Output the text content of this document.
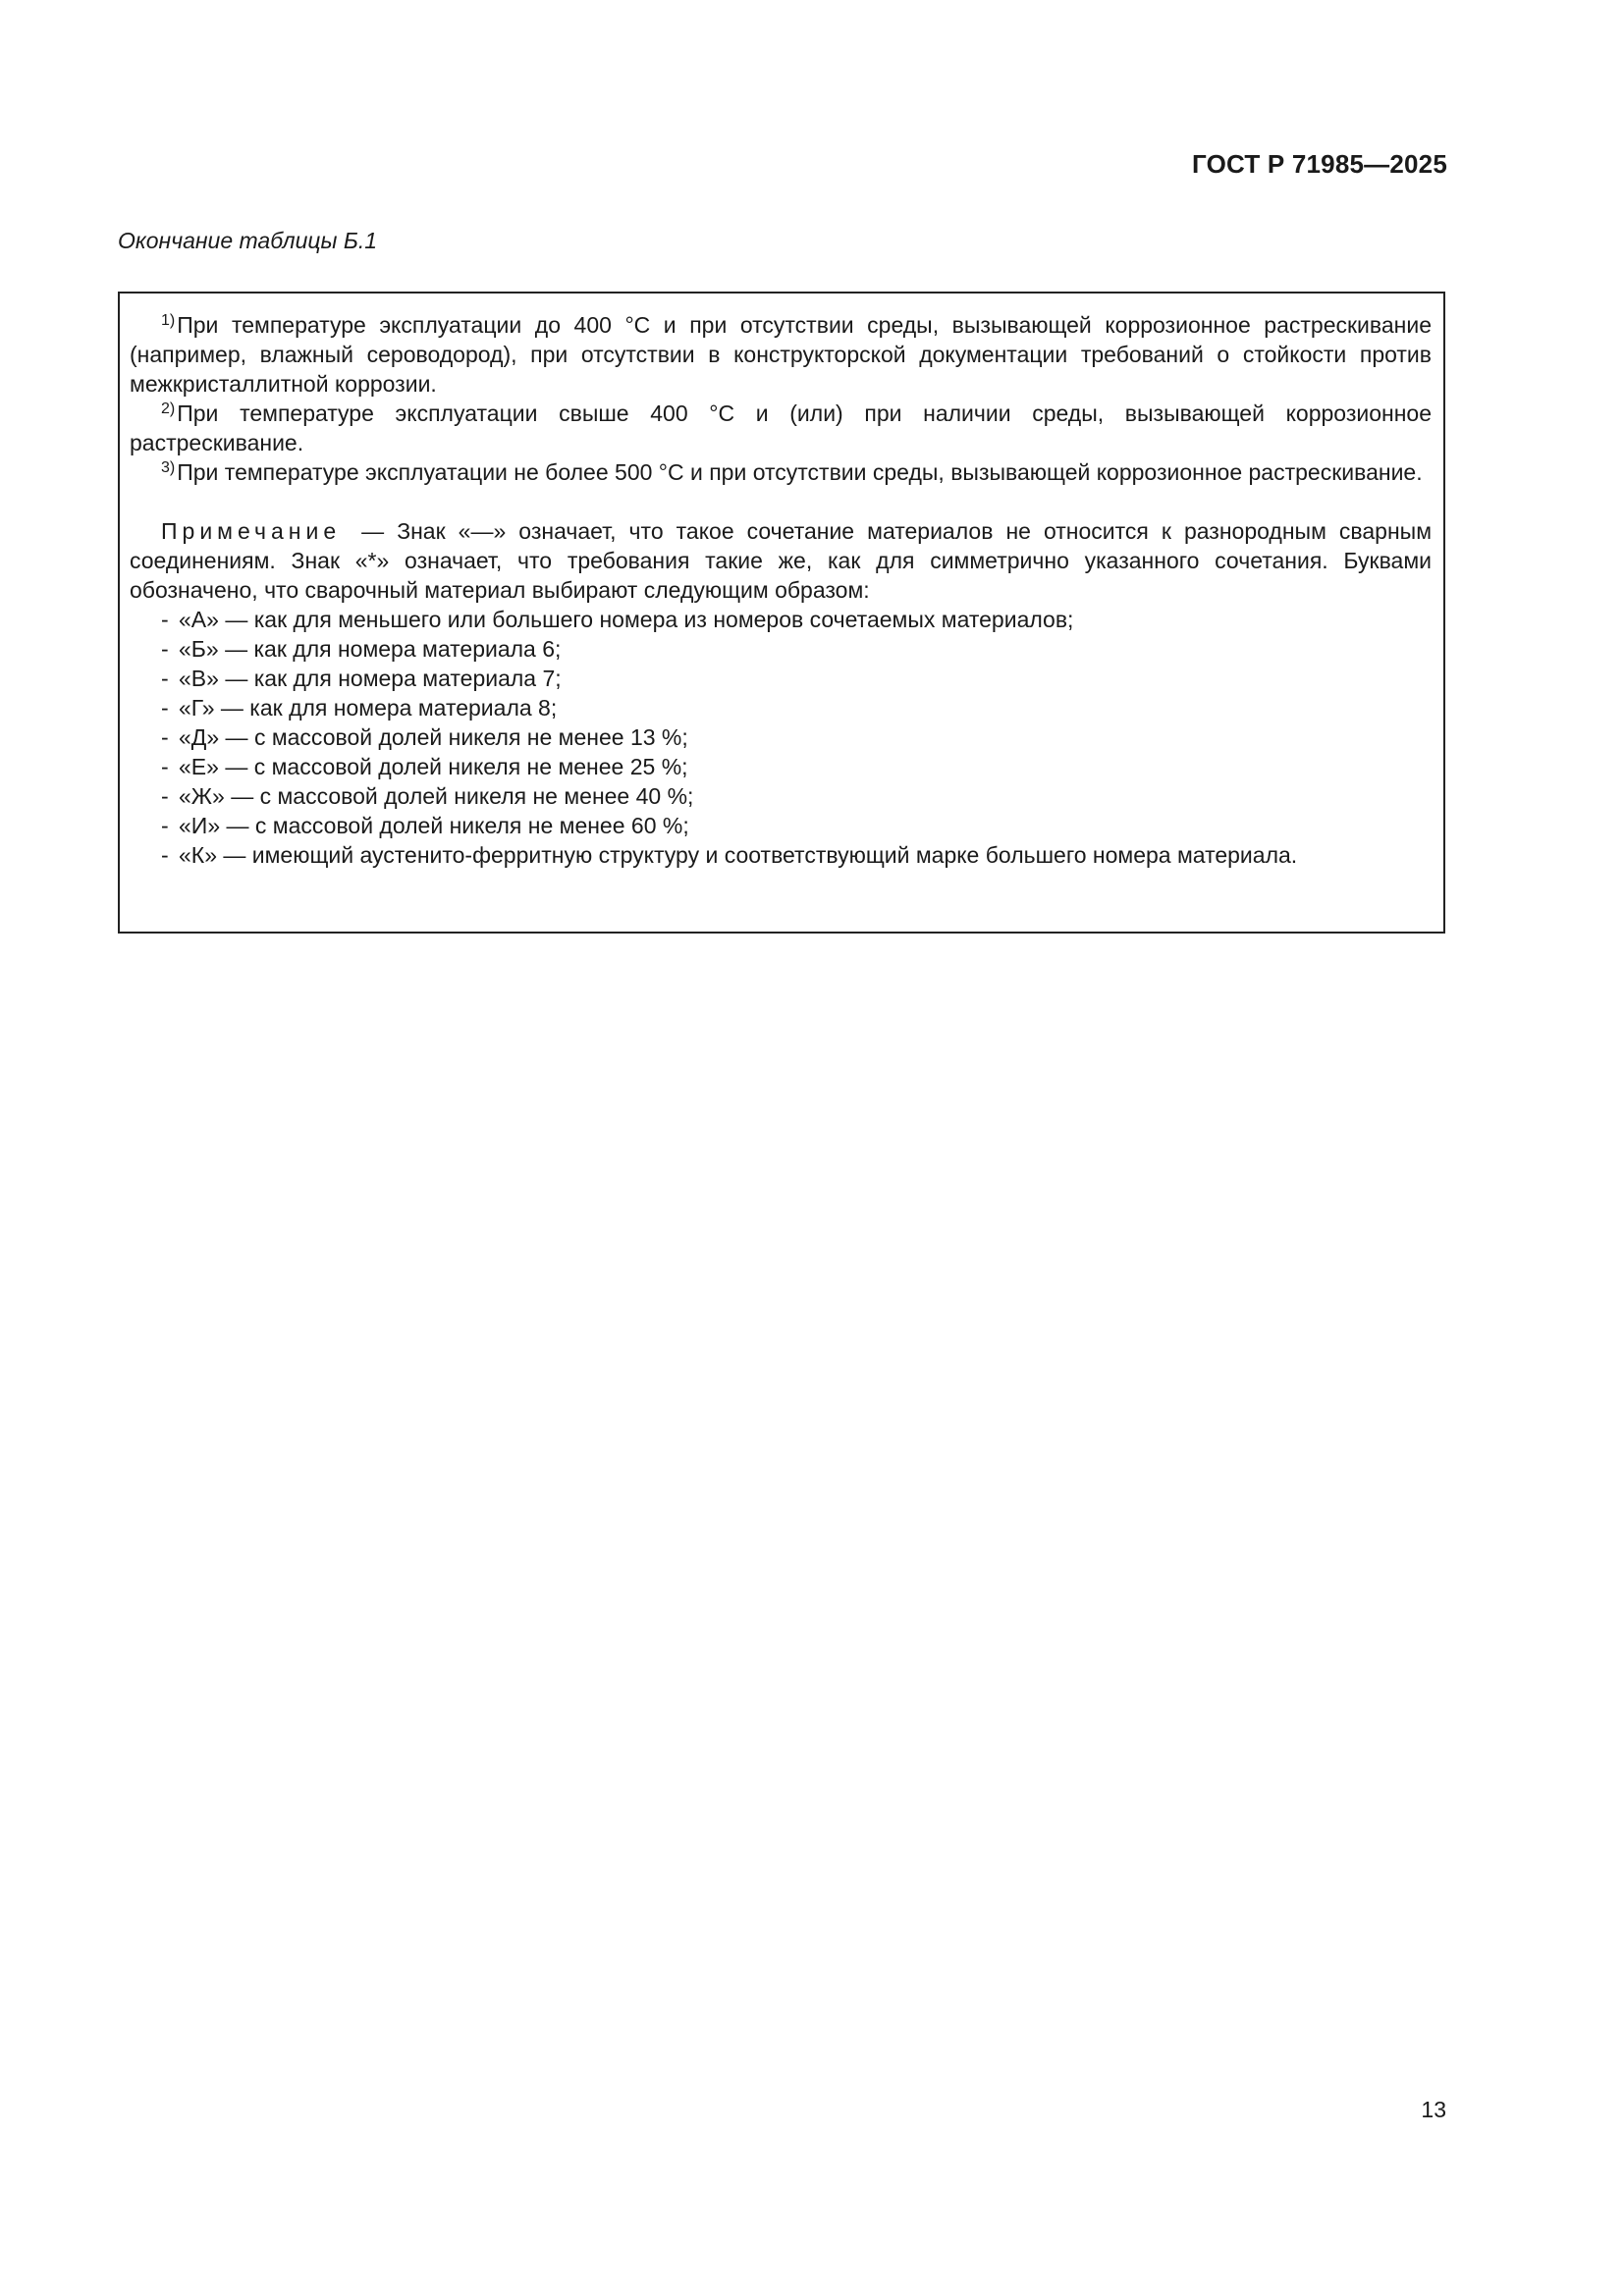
ГОСТ Р 71985—2025
Окончание таблицы Б.1

$^{1)}$При температуре эксплуатации до 400 °С и при отсутствии среды, вызывающей коррозионное растрескивание (например, влажный сероводород), при отсутствии в конструкторской документации требований о стойкости против межкристаллитной коррозии.

$^{2)}$При температуре эксплуатации свыше 400 °С и (или) при наличии среды, вызывающей коррозионное растрескивание.

$^{3)}$При температуре эксплуатации не более 500 °С и при отсутствии среды, вызывающей коррозионное растрескивание.

Примечание — Знак «—» означает, что такое сочетание материалов не относится к разнородным сварным соединениям. Знак «*» означает, что требования такие же, как для симметрично указанного сочетания. Буквами обозначено, что сварочный материал выбирают следующим образом:
- «А» — как для меньшего или большего номера из номеров сочетаемых материалов;
- «Б» — как для номера материала 6;
- «В» — как для номера материала 7;
- «Г» — как для номера материала 8;
- «Д» — с массовой долей никеля не менее 13 %;
- «Е» — с массовой долей никеля не менее 25 %;
- «Ж» — с массовой долей никеля не менее 40 %;
- «И» — с массовой долей никеля не менее 60 %;
- «К» — имеющий аустенито-ферритную структуру и соответствующий марке большего номера материала.
13
